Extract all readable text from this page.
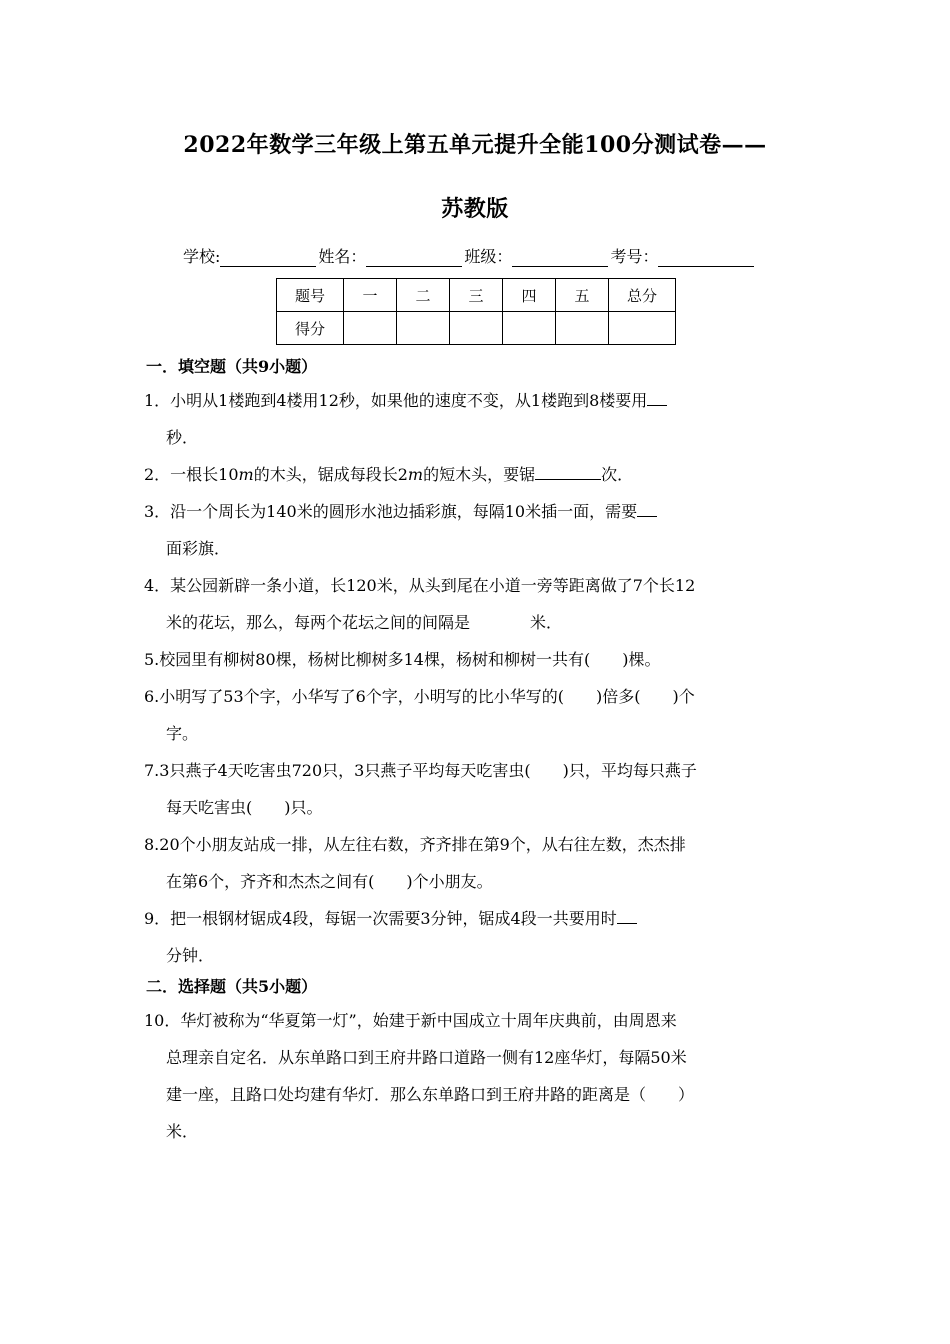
2022年数学三年级上第五单元提升全能100分测试卷——
苏教版
学校:	姓名：	班级：	考号：
题号	一	二	三	四	五	总分
得分						
一．填空题（共9小题）
1．小明从1楼跑到4楼用12秒，如果他的速度不变，从1楼跑到8楼要用
秒．
2．一根长10m的木头，锯成每段长2m的短木头，要锯	次．
3．沿一个周长为140米的圆形水池边插彩旗，每隔10米插一面，需要
面彩旗．
4．某公园新辟一条小道，长120米，从头到尾在小道一旁等距离做了7个长12
米的花坛，那么，每两个花坛之间的间隔是	米．
5.校园里有柳树80棵，杨树比柳树多14棵，杨树和柳树一共有(　　)棵。
6.小明写了53个字，小华写了6个字，小明写的比小华写的(　　)倍多(　　)个
字。
7.3只燕子4天吃害虫720只，3只燕子平均每天吃害虫(　　)只，平均每只燕子
每天吃害虫(　　)只。
8.20个小朋友站成一排，从左往右数，齐齐排在第9个，从右往左数，杰杰排
在第6个，齐齐和杰杰之间有(　　)个小朋友。
9．把一根钢材锯成4段，每锯一次需要3分钟，锯成4段一共要用时
分钟．
二．选择题（共5小题）
10．华灯被称为“华夏第一灯”，始建于新中国成立十周年庆典前，由周恩来
总理亲自定名．从东单路口到王府井路口道路一侧有12座华灯，每隔50米
建一座，且路口处均建有华灯．那么东单路口到王府井路的距离是（　　）
米．
